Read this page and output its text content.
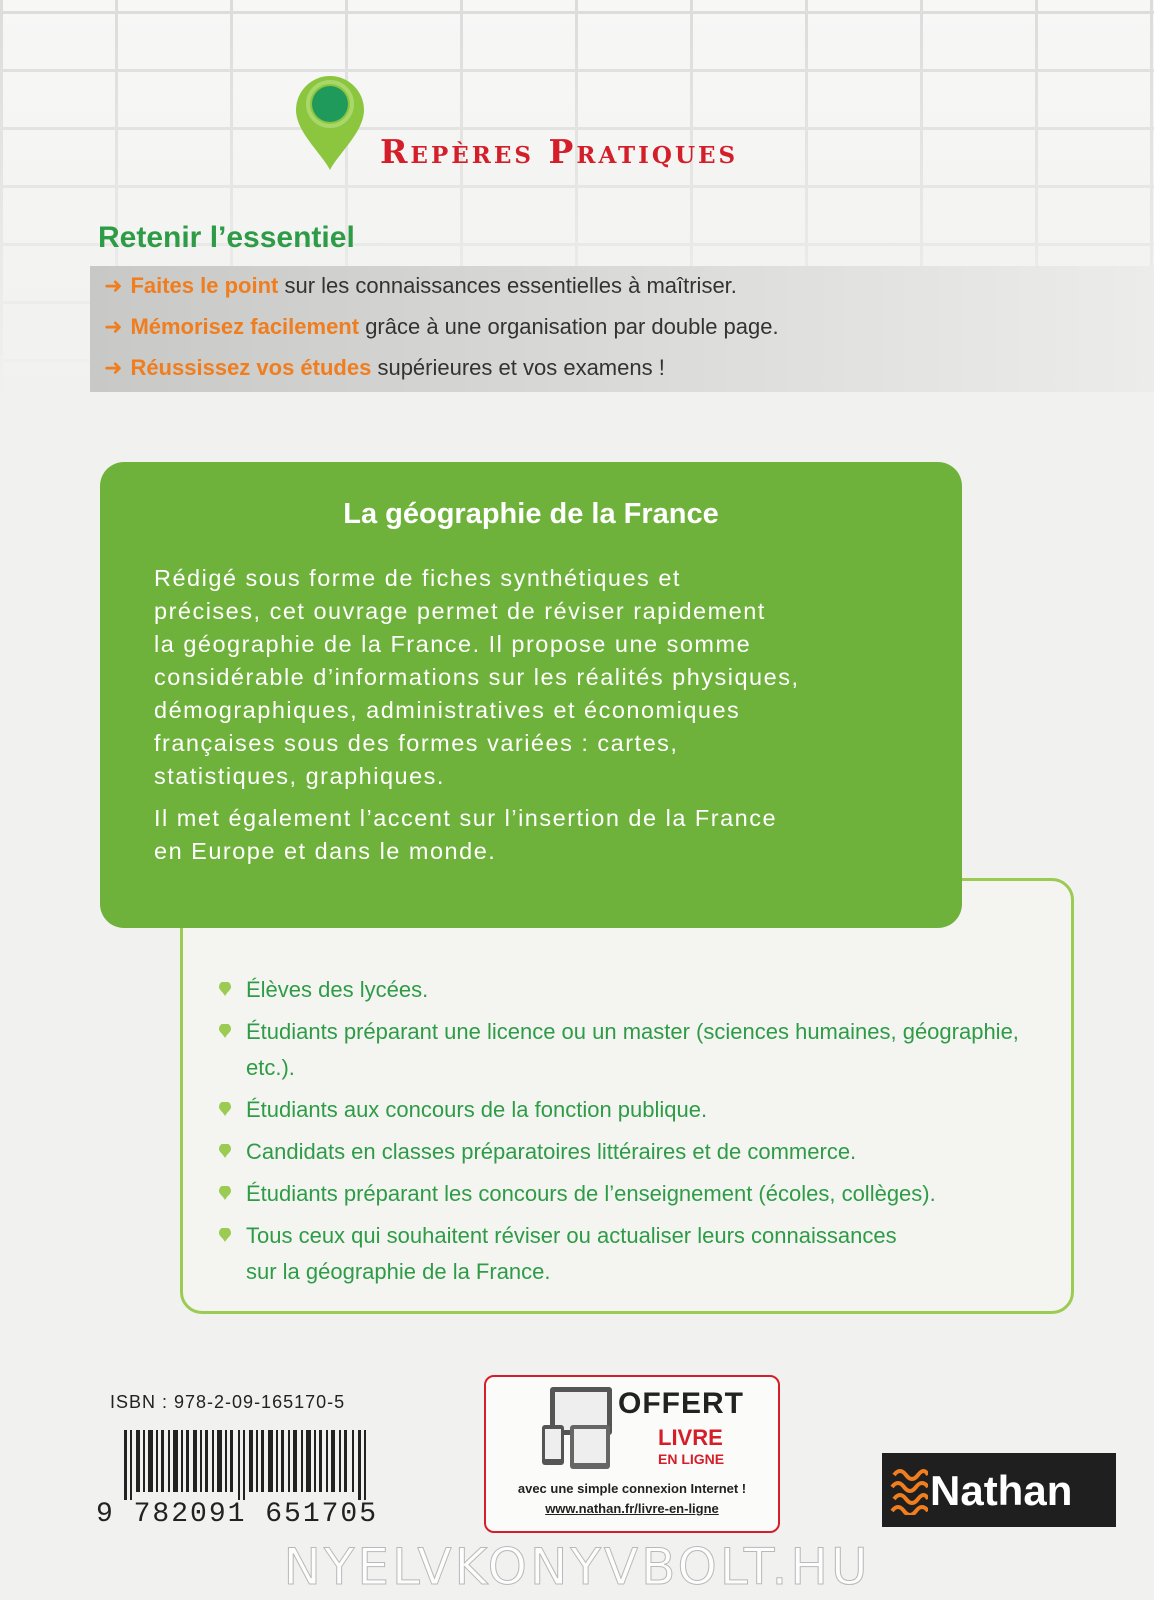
Repères Pratiques
Retenir l’essentiel
➜ Faites le point sur les connaissances essentielles à maîtriser.
➜ Mémorisez facilement grâce à une organisation par double page.
➜ Réussissez vos études supérieures et vos examens !
La géographie de la France
Rédigé sous forme de fiches synthétiques et
précises, cet ouvrage permet de réviser rapidement
la géographie de la France. Il propose une somme
considérable d’informations sur les réalités physiques,
démographiques, administratives et économiques
françaises sous des formes variées : cartes,
statistiques, graphiques.
Il met également l’accent sur l’insertion de la France
en Europe et dans le monde.
Élèves des lycées.
Étudiants préparant une licence ou un master (sciences humaines, géographie, etc.).
Étudiants aux concours de la fonction publique.
Candidats en classes préparatoires littéraires et de commerce.
Étudiants préparant les concours de l’enseignement (écoles, collèges).
Tous ceux qui souhaitent réviser ou actualiser leurs connaissances
sur la géographie de la France.
ISBN : 978-2-09-165170-5
9 782091 651705
OFFERT
LIVRE
EN LIGNE
avec une simple connexion Internet !
www.nathan.fr/livre-en-ligne	Nathan
NYELVKONYVBOLT.HU
